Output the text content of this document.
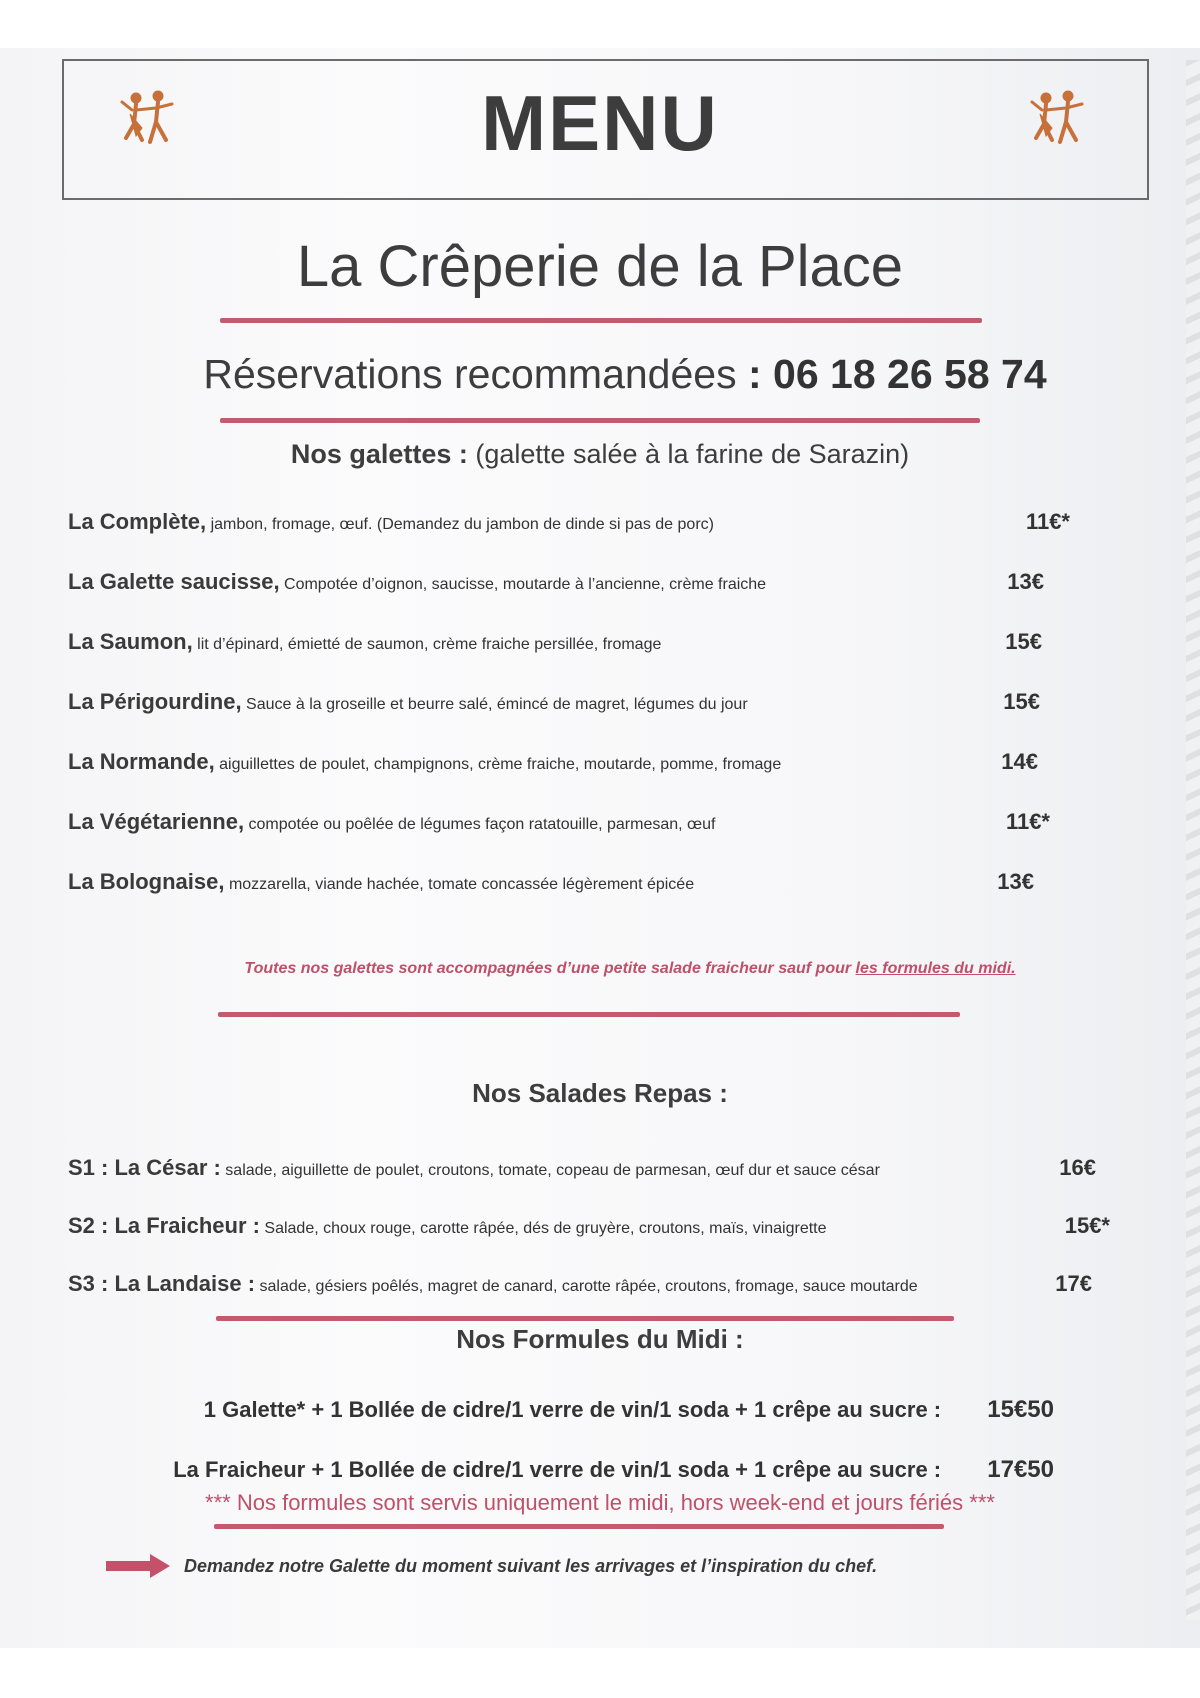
MENU
La Crêperie de la Place
Réservations recommandées : 06 18 26 58 74
Nos galettes : (galette salée à la farine de Sarazin)
La Complète, jambon, fromage, œuf. (Demandez du jambon de dinde si pas de porc)	11€*
La Galette saucisse, Compotée d’oignon, saucisse, moutarde à l’ancienne, crème fraiche	13€
La Saumon, lit d’épinard, émietté de saumon, crème fraiche persillée, fromage	15€
La Périgourdine, Sauce à la groseille et beurre salé, émincé de magret, légumes du jour	15€
La Normande, aiguillettes de poulet, champignons, crème fraiche, moutarde, pomme, fromage	14€
La Végétarienne, compotée ou poêlée de légumes façon ratatouille, parmesan, œuf	11€*
La Bolognaise, mozzarella, viande hachée, tomate concassée légèrement épicée	13€
Toutes nos galettes sont accompagnées d’une petite salade fraicheur sauf pour les formules du midi.
Nos Salades Repas :
S1 : La César : salade, aiguillette de poulet, croutons, tomate, copeau de parmesan, œuf dur et sauce césar	16€
S2 : La Fraicheur : Salade, choux rouge, carotte râpée, dés de gruyère, croutons, maïs, vinaigrette	15€*
S3 : La Landaise : salade, gésiers poêlés, magret de canard, carotte râpée, croutons, fromage, sauce moutarde	17€
Nos Formules du Midi :
1 Galette* + 1 Bollée de cidre/1 verre de vin/1 soda + 1 crêpe au sucre : 15€50
La Fraicheur + 1 Bollée de cidre/1 verre de vin/1 soda + 1 crêpe au sucre : 17€50
*** Nos formules sont servis uniquement le midi, hors week-end et jours fériés ***
Demandez notre Galette du moment suivant les arrivages et l’inspiration du chef.
